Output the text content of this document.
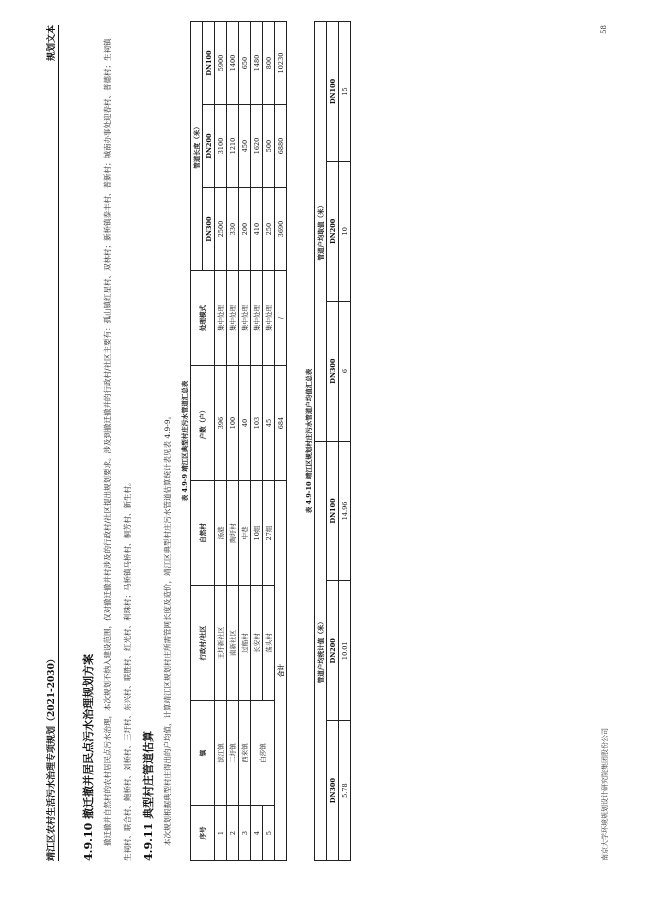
靖江区农村生活污水治理专项规划（2021-2030）
规划文本
4.9.10 撤迁撤并居民点污水治理规划方案	撤迁撤并自然村的农村居民点污水治理，本次规划不纳入建设范围，仅对撤迁撤并村涉及的行政村/社区提出规划要求。涉及到撤迁撤并的行政村/社区主要有：孤山镇红星村、双林村；新桥镇泰丰村、普新村；城南办事处迎春村、普德村；生祠镇生祠村、联合村、鲍桥村、刘桥村、三圩村、东兴村、联胜村、红光村、利珠村；马桥镇马桥村、桐芳村、新生村。 4.9.11 典型村庄管道估算	本次规划根据典型村庄得出的户均值，计算靖江区规划村庄所需管网长度及造价，靖江区典型村庄污水管道估算统计表见表 4.9-9。	表 4.9-9 靖江区典型村庄污水管道汇总表
序号	镇	行政村/社区	自然村	户数（户）	处理模式	管道长度（米）		
						DN300	DN200	DN100
1	滨江镇	王圩新社区	汤港	396	集中处理	2500	3100	5900
2	二圩镇	南新社区	陶圩村	100	集中处理	330	1210	1400
3	西来镇	过船村	中巷	40	集中处理	200	450	650
4	白莎镇	长安村	10组	103	集中处理	410	1620	1480
5		荡头村	27组	45	集中处理	250	500	800
合计				684	/	3690	6880	10230
表 4.9-10 靖江区规划村庄污水管道户均值汇总表
管道户均统计值（米）			管道户均取值（米）		
DN300	DN200	DN100	DN300	DN200	DN100
5.78	10.01	14.96	6	10	15
南京大学环境规划设计研究院集团股份公司
58
